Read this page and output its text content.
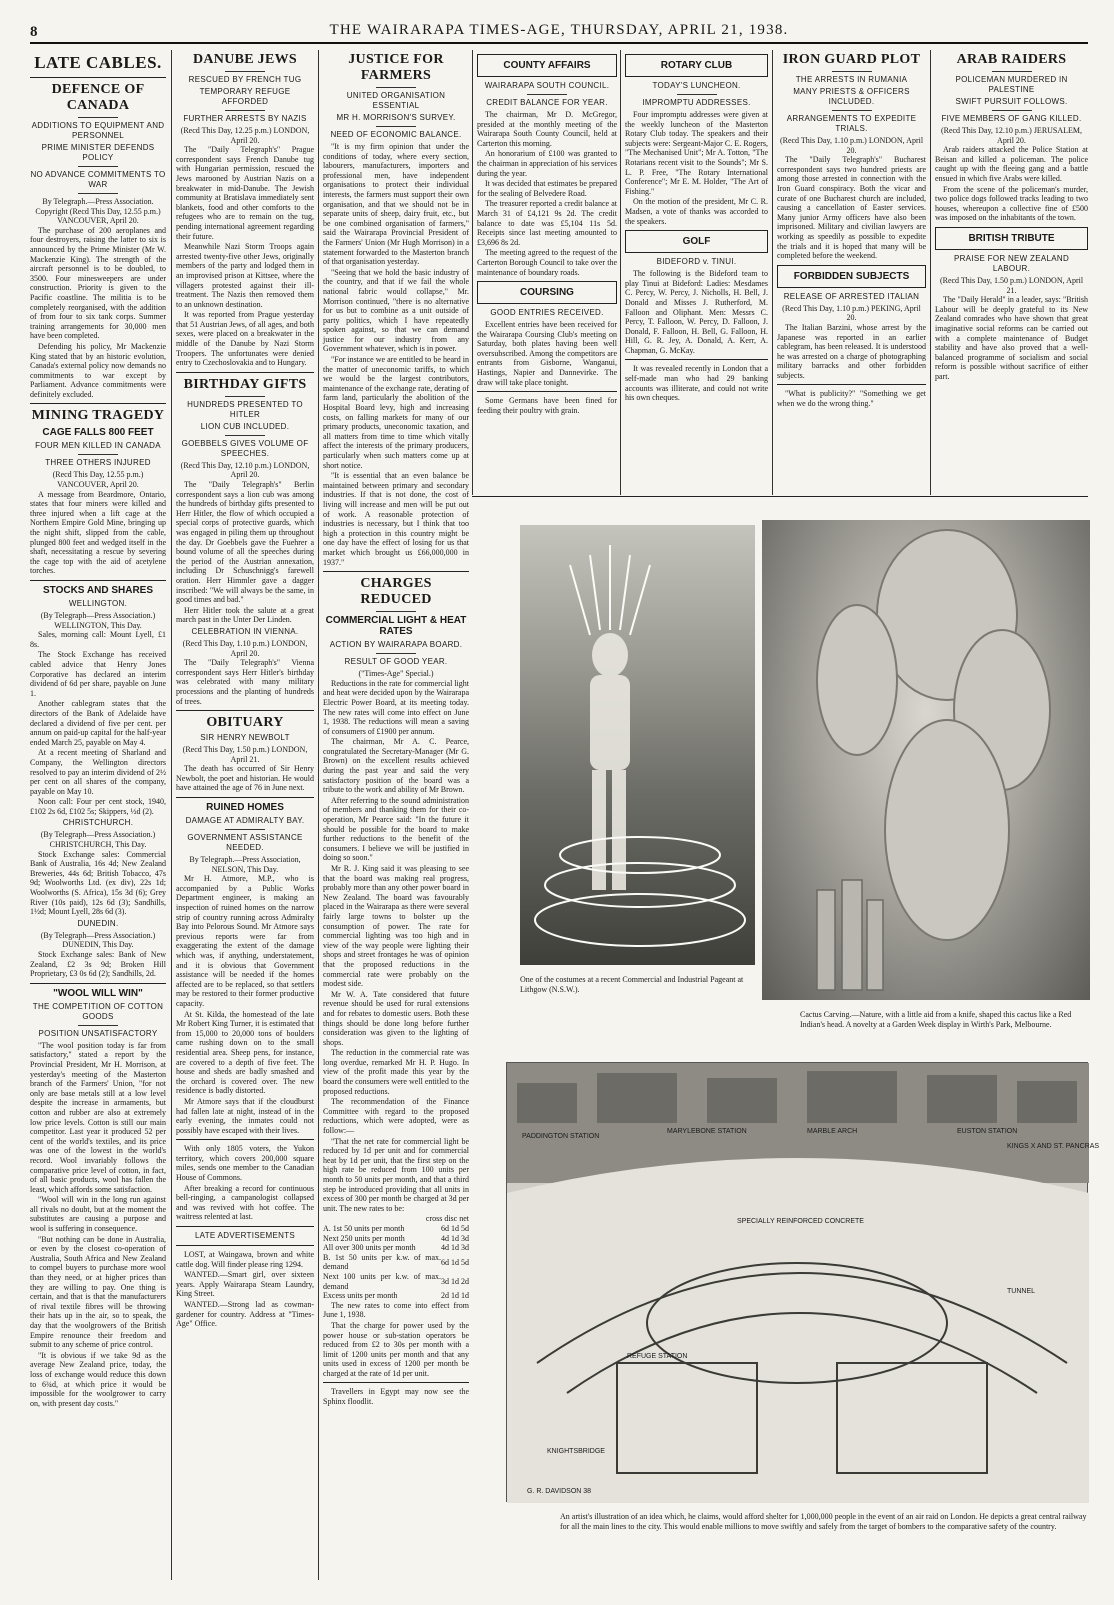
8	THE WAIRARAPA TIMES-AGE, THURSDAY, APRIL 21, 1938.
LATE CABLES.
DEFENCE OF CANADA
ADDITIONS TO EQUIPMENT AND PERSONNEL
PRIME MINISTER DEFENDS POLICY
NO ADVANCE COMMITMENTS TO WAR
By Telegraph.—Press Association. Copyright (Recd This Day, 12.55 p.m.) VANCOUVER, April 20.
The purchase of 200 aeroplanes and four destroyers, raising the latter to six is announced by the Prime Minister (Mr W. Mackenzie King). The strength of the aircraft personnel is to be doubled, to 3500. Four minesweepers are under construction. Priority is given to the Pacific coastline. The militia is to be completely reorganised, with the addition of from four to six tank corps. Summer training arrangements for 30,000 men have been completed.
Defending his policy, Mr Mackenzie King stated that by an historic evolution, Canada's external policy now demands no commitments to war except by Parliament. Advance commitments were definitely excluded.
MINING TRAGEDY
CAGE FALLS 800 FEET
FOUR MEN KILLED IN CANADA
THREE OTHERS INJURED
(Recd This Day, 12.55 p.m.) VANCOUVER, April 20.
A message from Beardmore, Ontario, states that four miners were killed and three injured when a lift cage at the Northern Empire Gold Mine, bringing up the night shift, slipped from the cable, plunged 800 feet and wedged itself in the shaft, necessitating a rescue by severing the cage top with the aid of acetylene torches.
STOCKS AND SHARES
WELLINGTON.
(By Telegraph—Press Association.) WELLINGTON, This Day.
Sales, morning call: Mount Lyell, £1 8s.
The Stock Exchange has received cabled advice that Henry Jones Corporative has declared an interim dividend of 6d per share, payable on June 1.
Another cablegram states that the directors of the Bank of Adelaide have declared a dividend of five per cent. per annum on paid-up capital for the half-year ended March 25, payable on May 4.
At a recent meeting of Sharland and Company, the Wellington directors resolved to pay an interim dividend of 2½ per cent on all shares of the company, payable on May 10.
Noon call: Four per cent stock, 1940, £102 2s 6d, £102 5s; Skippers, ½d (2).
CHRISTCHURCH.
(By Telegraph—Press Association.) CHRISTCHURCH, This Day.
Stock Exchange sales: Commercial Bank of Australia, 16s 4d; New Zealand Breweries, 44s 6d; British Tobacco, 47s 9d; Woolworths Ltd. (ex div), 22s 1d; Woolworths (S. Africa), 15s 3d (6); Grey River (10s paid), 12s 6d (3); Sandhills, 1½d; Mount Lyell, 28s 6d (3).
DUNEDIN.
(By Telegraph—Press Association.) DUNEDIN, This Day.
Stock Exchange sales: Bank of New Zealand, £2 3s 9d; Broken Hill Proprietary, £3 0s 6d (2); Sandhills, 2d.
"WOOL WILL WIN"
THE COMPETITION OF COTTON GOODS
POSITION UNSATISFACTORY
"The wool position today is far from satisfactory," stated a report by the Provincial President, Mr H. Morrison, at yesterday's meeting of the Masterton branch of the Farmers' Union, "for not only are base metals still at a low level despite the increase in armaments, but cotton and rubber are also at extremely low price levels. Cotton is still our main competitor. Last year it produced 52 per cent of the world's textiles, and its price was one of the lowest in the world's record. Wool invariably follows the comparative price level of cotton, in fact, of all basic products, wool has fallen the least, which affords some satisfaction.
"Wool will win in the long run against all rivals no doubt, but at the moment the substitutes are causing a purpose and wool is suffering in consequence.
"But nothing can be done in Australia, or even by the closest co-operation of Australia, South Africa and New Zealand to compel buyers to purchase more wool than they need, or at higher prices than they are willing to pay. One thing is certain, and that is that the manufacturers of rival textile fibres will be throwing their hats up in the air, so to speak, the day that the woolgrowers of the British Empire renounce their freedom and submit to any scheme of price control.
"It is obvious if we take 9d as the average New Zealand price, today, the loss of exchange would reduce this down to 6¾d, at which price it would be impossible for the woolgrower to carry on, with present day costs."
DANUBE JEWS
RESCUED BY FRENCH TUG
TEMPORARY REFUGE AFFORDED
FURTHER ARRESTS BY NAZIS
(Recd This Day, 12.25 p.m.) LONDON, April 20.
The "Daily Telegraph's" Prague correspondent says French Danube tug with Hungarian permission, rescued the Jews marooned by Austrian Nazis on a breakwater in mid-Danube. The Jewish community at Bratislava immediately sent blankets, food and other comforts to the refugees who are to remain on the tug, pending international agreement regarding their future.
Meanwhile Nazi Storm Troops again arrested twenty-five other Jews, originally members of the party and lodged them in an improvised prison at Kittsee, where the villagers protested against their ill-treatment. The Nazis then removed them to an unknown destination.
It was reported from Prague yesterday that 51 Austrian Jews, of all ages, and both sexes, were placed on a breakwater in the middle of the Danube by Nazi Storm Troopers. The unfortunates were denied entry to Czechoslovakia and to Hungary.
BIRTHDAY GIFTS
HUNDREDS PRESENTED TO HITLER
LION CUB INCLUDED.
GOEBBELS GIVES VOLUME OF SPEECHES.
(Recd This Day, 12.10 p.m.) LONDON, April 20.
The "Daily Telegraph's" Berlin correspondent says a lion cub was among the hundreds of birthday gifts presented to Herr Hitler, the flow of which occupied a special corps of protective guards, which was engaged in piling them up throughout the day. Dr Goebbels gave the Fuehrer a bound volume of all the speeches during the period of the Austrian annexation, including Dr Schuschnigg's farewell oration. Herr Himmler gave a dagger inscribed: "We will always be the same, in good times and bad."
Herr Hitler took the salute at a great march past in the Unter Der Linden.
CELEBRATION IN VIENNA.
(Recd This Day, 1.10 p.m.) LONDON, April 20.
The "Daily Telegraph's" Vienna correspondent says Herr Hitler's birthday was celebrated with many military processions and the planting of hundreds of trees.
OBITUARY
SIR HENRY NEWBOLT
(Recd This Day, 1.50 p.m.) LONDON, April 21.
The death has occurred of Sir Henry Newbolt, the poet and historian. He would have attained the age of 76 in June next.
RUINED HOMES
DAMAGE AT ADMIRALTY BAY.
GOVERNMENT ASSISTANCE NEEDED.
By Telegraph.—Press Association, NELSON, This Day.
Mr H. Atmore, M.P., who is accompanied by a Public Works Department engineer, is making an inspection of ruined homes on the narrow strip of country running across Admiralty Bay into Pelorous Sound. Mr Atmore says previous reports were far from exaggerating the extent of the damage which was, if anything, understatement, and it is obvious that Government assistance will be needed if the homes affected are to be replaced, so that settlers may be restored to their former productive capacity.
At St. Kilda, the homestead of the late Mr Robert King Turner, it is estimated that from 15,000 to 20,000 tons of boulders came rushing down on to the small residential area. Sheep pens, for instance, are covered to a depth of five feet. The house and sheds are badly smashed and the orchard is covered over. The new residence is badly distorted.
Mr Atmore says that if the cloudburst had fallen late at night, instead of in the early evening, the inmates could not possibly have escaped with their lives.
With only 1805 voters, the Yukon territory, which covers 200,000 square miles, sends one member to the Canadian House of Commons.
After breaking a record for continuous bell-ringing, a campanologist collapsed and was revived with hot coffee. The waitress relented at last.
LATE ADVERTISEMENTS
LOST, at Waingawa, brown and white cattle dog. Will finder please ring 1294.
WANTED.—Smart girl, over sixteen years. Apply Wairarapa Steam Laundry, King Street.
WANTED.—Strong lad as cowman-gardener for country. Address at "Times-Age" Office.
JUSTICE FOR FARMERS
UNITED ORGANISATION ESSENTIAL
MR H. MORRISON'S SURVEY.
NEED OF ECONOMIC BALANCE.
"It is my firm opinion that under the conditions of today, where every section, labourers, manufacturers, importers and professional men, have independent organisations to protect their individual interests, the farmers must support their own organisation, and that we should not be in separate units of sheep, dairy fruit, etc., but be one combined organisation of farmers," said the Wairarapa Provincial President of the Farmers' Union (Mr Hugh Morrison) in a statement forwarded to the Masterton branch of that organisation yesterday.
"Seeing that we hold the basic industry of the country, and that if we fail the whole national fabric would collapse," Mr. Morrison continued, "there is no alternative for us but to combine as a unit outside of party politics, which I have repeatedly spoken against, so that we can demand justice for our industry from any Government whatever, which is in power.
"For instance we are entitled to be heard in the matter of uneconomic tariffs, to which we would be the largest contributors, maintenance of the exchange rate, derating of farm land, particularly the abolition of the Hospital Board levy, high and increasing costs, on falling markets for many of our primary products, uneconomic taxation, and all matters from time to time which vitally affect the interests of the primary producers, particularly when such matters come up at short notice.
"It is essential that an even balance be maintained between primary and secondary industries. If that is not done, the cost of living will increase and men will be put out of work. A reasonable protection of industries is necessary, but I think that too high a protection in this country might be one day have the effect of losing for us that market which brought us £66,000,000 in 1937."
CHARGES REDUCED
COMMERCIAL LIGHT & HEAT RATES
ACTION BY WAIRARAPA BOARD.
RESULT OF GOOD YEAR.
("Times-Age" Special.)
Reductions in the rate for commercial light and heat were decided upon by the Wairarapa Electric Power Board, at its meeting today. The new rates will come into effect on June 1, 1938. The reductions will mean a saving of consumers of £1900 per annum.
The chairman, Mr A. C. Pearce, congratulated the Secretary-Manager (Mr G. Brown) on the excellent results achieved during the past year and said the very satisfactory position of the board was a tribute to the work and ability of Mr Brown.
After referring to the sound administration of members and thanking them for their co-operation, Mr Pearce said: "In the future it should be possible for the board to make further reductions to the benefit of the consumers. I believe we will be justified in doing so soon."
Mr R. J. King said it was pleasing to see that the board was making real progress, probably more than any other power board in New Zealand. The board was favourably placed in the Wairarapa as there were several fairly large towns to bolster up the consumption of power. The rate for commercial lighting was too high and in view of the way people were lighting their shops and street frontages he was of opinion that the proposed reductions in the commercial rate were probably on the modest side.
Mr W. A. Tate considered that future revenue should be used for rural extensions and for rebates to domestic users. Both these things should be done long before further consideration was given to the lighting of shops.
The reduction in the commercial rate was long overdue, remarked Mr H. P. Hugo. In view of the profit made this year by the board the consumers were well entitled to the proposed reductions.
The recommendation of the Finance Committee with regard to the proposed reductions, which were adopted, were as follow:—
"That the net rate for commercial light be reduced by 1d per unit and for commercial heat by 1d per unit, that the first step on the high rate be reduced from 100 units per month to 50 units per month, and that a third step be introduced providing that all units in excess of 300 per month be charged at 3d per unit. The new rates to be:
cross disc net
A. 1st 50 units per month	6d 1d 5d
Next 250 units per month	4d 1d 3d
All over 300 units per month	4d 1d 3d
B. 1st 50 units per k.w. of max. demand	6d 1d 5d
Next 100 units per k.w. of max. demand	3d 1d 2d
Excess units per month	2d 1d 1d
The new rates to come into effect from June 1, 1938.
That the charge for power used by the power house or sub-station operators be reduced from £2 to 30s per month with a limit of 1200 units per month and that any units used in excess of 1200 per month be charged at the rate of 1d per unit.
Travellers in Egypt may now see the Sphinx floodlit.
COUNTY AFFAIRS
WAIRARAPA SOUTH COUNCIL.
CREDIT BALANCE FOR YEAR.
The chairman, Mr D. McGregor, presided at the monthly meeting of the Wairarapa South County Council, held at Carterton this morning.
An honorarium of £100 was granted to the chairman in appreciation of his services during the year.
It was decided that estimates be prepared for the sealing of Belvedere Road.
The treasurer reported a credit balance at March 31 of £4,121 9s 2d. The credit balance to date was £5,104 11s 5d. Receipts since last meeting amounted to £3,696 8s 2d.
The meeting agreed to the request of the Carterton Borough Council to take over the maintenance of boundary roads.
COURSING
GOOD ENTRIES RECEIVED.
Excellent entries have been received for the Wairarapa Coursing Club's meeting on Saturday, both plates having been well oversubscribed. Among the competitors are entrants from Gisborne, Wanganui, Hastings, Napier and Dannevirke. The draw will take place tonight.
Some Germans have been fined for feeding their poultry with grain.
ROTARY CLUB
TODAY'S LUNCHEON.
IMPROMPTU ADDRESSES.
Four impromptu addresses were given at the weekly luncheon of the Masterton Rotary Club today. The speakers and their subjects were: Sergeant-Major C. E. Rogers, "The Mechanised Unit"; Mr A. Totton, "The Rotarians recent visit to the Sounds"; Mr S. L. P. Free, "The Rotary International Conference"; Mr E. M. Holder, "The Art of Fishing."
On the motion of the president, Mr C. R. Madsen, a vote of thanks was accorded to the speakers.
GOLF
BIDEFORD v. TINUI.
The following is the Bideford team to play Tinui at Bideford: Ladies: Mesdames C. Percy, W. Percy, J. Nicholls, H. Bell, J. Donald and Misses J. Rutherford, M. Falloon and Oliphant. Men: Messrs C. Percy, T. Falloon, W. Percy, D. Falloon, J. Donald, F. Falloon, H. Bell, G. Falloon, H. Hill, G. R. Jey, A. Donald, A. Kerr, A. Chapman, G. McKay.
It was revealed recently in London that a self-made man who had 29 banking accounts was illiterate, and could not write his own cheques.
IRON GUARD PLOT
THE ARRESTS IN RUMANIA
MANY PRIESTS & OFFICERS INCLUDED.
ARRANGEMENTS TO EXPEDITE TRIALS.
(Recd This Day, 1.10 p.m.) LONDON, April 20.
The "Daily Telegraph's" Bucharest correspondent says two hundred priests are among those arrested in connection with the Iron Guard conspiracy. Both the vicar and curate of one Bucharest church are included, causing a cancellation of Easter services. Many junior Army officers have also been imprisoned. Military and civilian lawyers are working as speedily as possible to expedite the trials and it is hoped that many will be completed before the weekend.
FORBIDDEN SUBJECTS
RELEASE OF ARRESTED ITALIAN
(Recd This Day, 1.10 p.m.) PEKING, April 20.
The Italian Barzini, whose arrest by the Japanese was reported in an earlier cablegram, has been released. It is understood he was arrested on a charge of photographing military barracks and other forbidden subjects.
"What is publicity?" "Something we get when we do the wrong thing."
ARAB RAIDERS
POLICEMAN MURDERED IN PALESTINE
SWIFT PURSUIT FOLLOWS.
FIVE MEMBERS OF GANG KILLED.
(Recd This Day, 12.10 p.m.) JERUSALEM, April 20.
Arab raiders attacked the Police Station at Beisan and killed a policeman. The police caught up with the fleeing gang and a battle ensued in which five Arabs were killed.
From the scene of the policeman's murder, two police dogs followed tracks leading to two houses, whereupon a collective fine of £500 was imposed on the inhabitants of the town.
BRITISH TRIBUTE
PRAISE FOR NEW ZEALAND LABOUR.
(Recd This Day, 1.50 p.m.) LONDON, April 21.
The "Daily Herald" in a leader, says: "British Labour will be deeply grateful to its New Zealand comrades who have shown that great imaginative social reforms can be carried out with a complete maintenance of Budget stability and have also proved that a well-balanced programme of socialism and social reform is possible without sacrifice of either part.
One of the costumes at a recent Commercial and Industrial Pageant at Lithgow (N.S.W.).
Cactus Carving.—Nature, with a little aid from a knife, shaped this cactus like a Red Indian's head. A novelty at a Garden Week display in Wirth's Park, Melbourne.
PADDINGTON STATION
MARYLEBONE STATION	MARBLE ARCH	EUSTON STATION
KINGS X AND ST. PANCRAS
SPECIALLY REINFORCED CONCRETE
TUNNEL
KNIGHTSBRIDGE
REFUGE STATION
G. R. DAVIDSON 38
An artist's illustration of an idea which, he claims, would afford shelter for 1,000,000 people in the event of an air raid on London. He depicts a great central railway for all the main lines to the city. This would enable millions to move swiftly and safely from the target of bombers to the comparative safety of the country.
